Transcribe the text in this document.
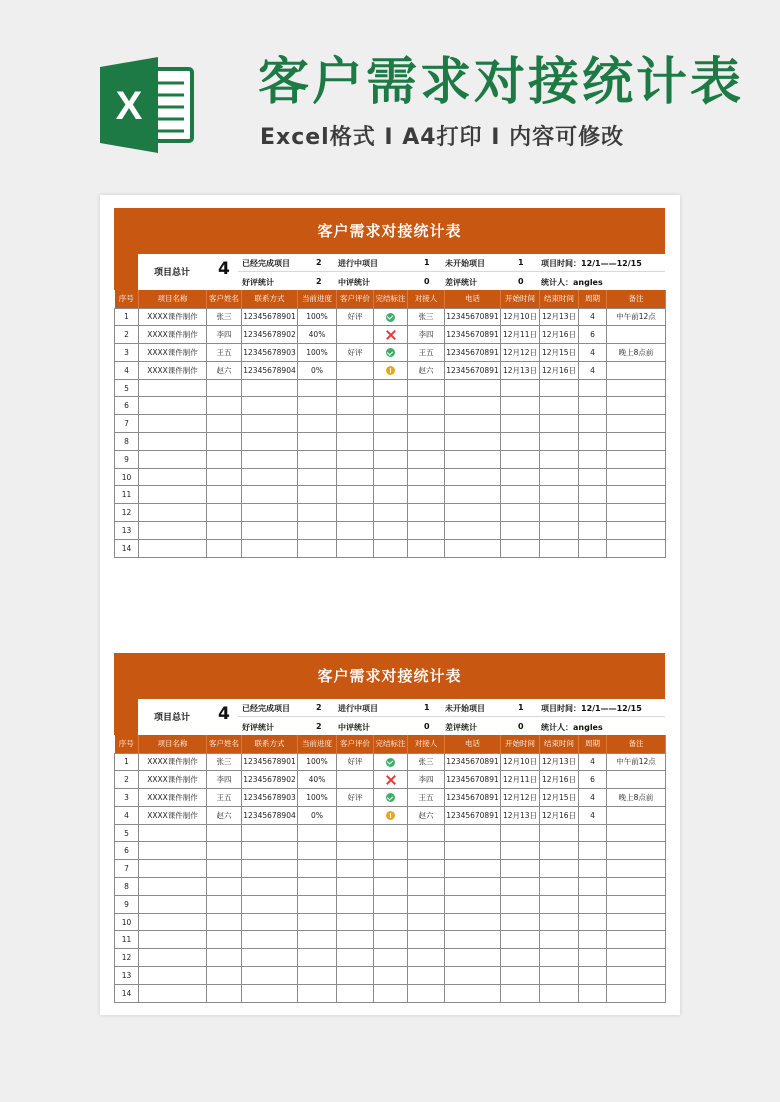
X 客户需求对接统计表
Excel格式 I A4打印 I 内容可修改
客户需求对接统计表
项目总计 4 已经完成项目	2 进行中项目	1 未开始项目	1 项目时间：12/1——12/15
好评统计	2 中评统计	0 差评统计	0 统计人：angles
序号	项目名称	客户姓名	联系方式	当前进度	客户评价	完结标注	对接人	电话	开始时间	结束时间	周期	备注
1	XXXX课件制作	张三	12345678901	100%	好评		张三	12345670891	12月10日	12月13日	4	中午前12点
2	XXXX课件制作	李四	12345678902	40%			李四	12345670891	12月11日	12月16日	6	
3	XXXX课件制作	王五	12345678903	100%	好评		王五	12345670891	12月12日	12月15日	4	晚上8点前
4	XXXX课件制作	赵六	12345678904	0%			赵六	12345670891	12月13日	12月16日	4	
5												
6												
7												
8												
9												
10												
11												
12												
13												
14												
客户需求对接统计表
项目总计 4 已经完成项目	2 进行中项目	1 未开始项目	1 项目时间：12/1——12/15
好评统计	2 中评统计	0 差评统计	0 统计人：angles
序号	项目名称	客户姓名	联系方式	当前进度	客户评价	完结标注	对接人	电话	开始时间	结束时间	周期	备注
1	XXXX课件制作	张三	12345678901	100%	好评		张三	12345670891	12月10日	12月13日	4	中午前12点
2	XXXX课件制作	李四	12345678902	40%			李四	12345670891	12月11日	12月16日	6	
3	XXXX课件制作	王五	12345678903	100%	好评		王五	12345670891	12月12日	12月15日	4	晚上8点前
4	XXXX课件制作	赵六	12345678904	0%			赵六	12345670891	12月13日	12月16日	4	
5												
6												
7												
8												
9												
10												
11												
12												
13												
14												
